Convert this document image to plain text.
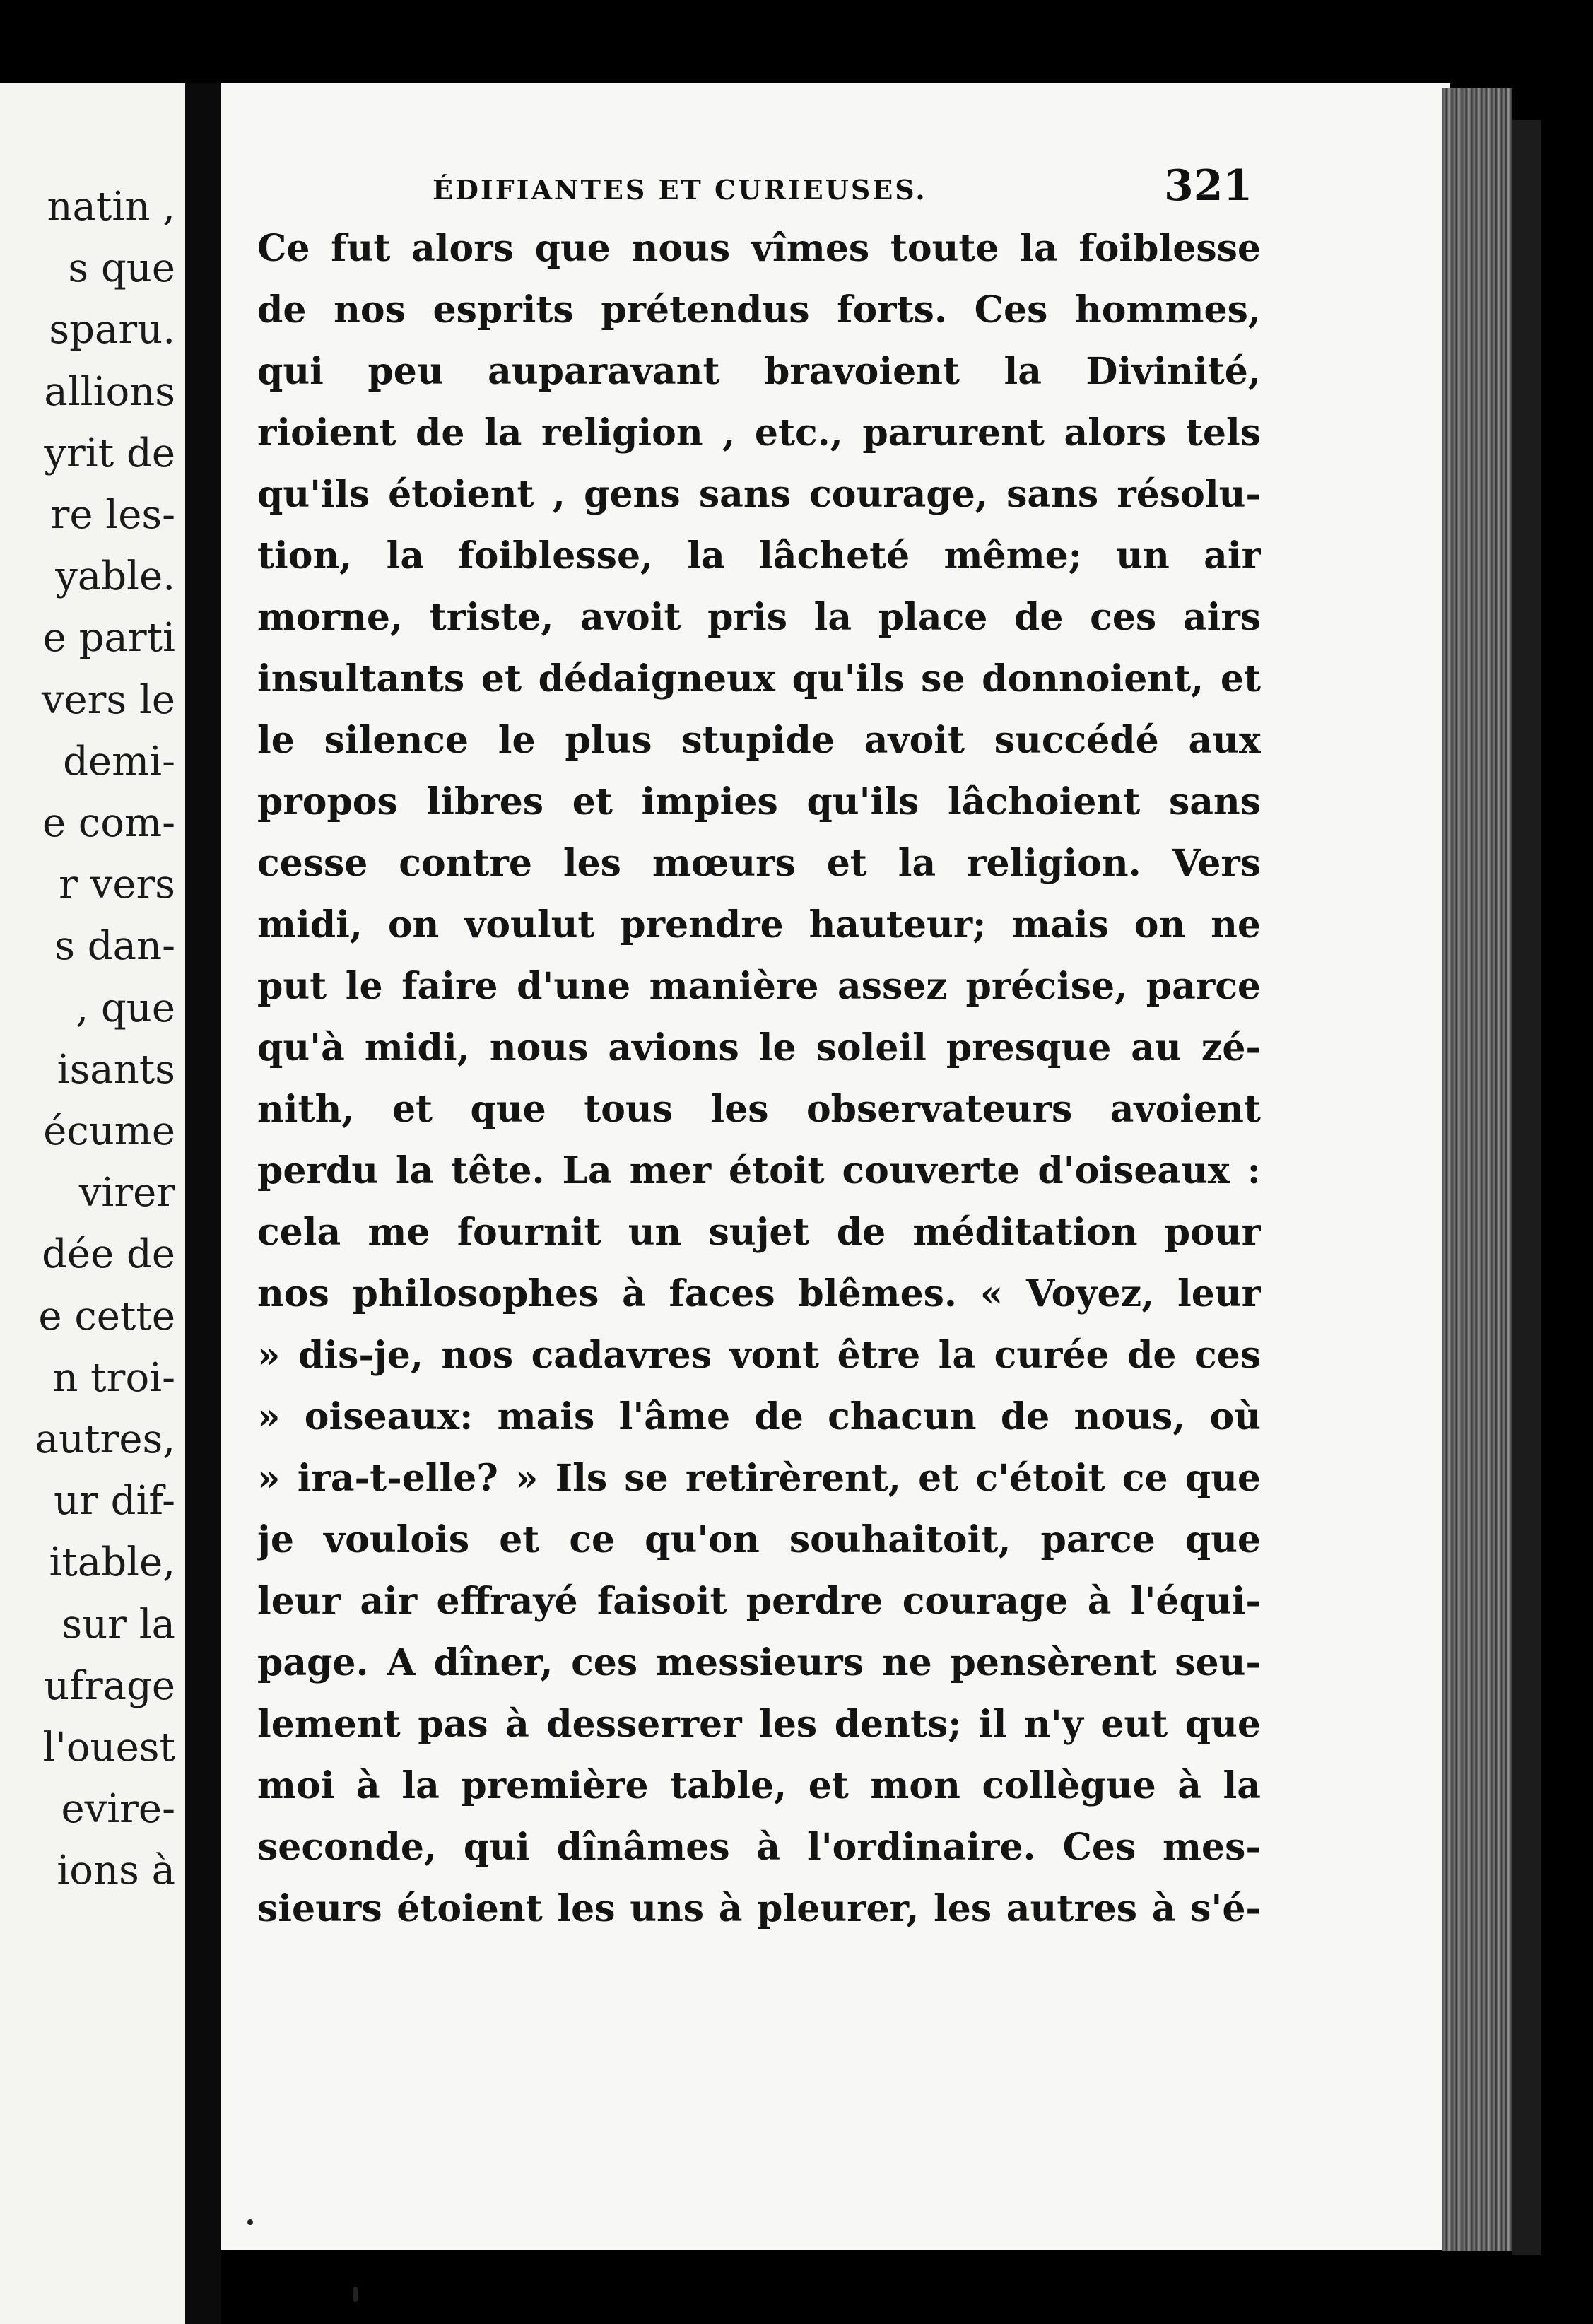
natin ,
s que
sparu.
allions
yrit de
re les-
yable.
e parti
vers le
demi-
e com-
r vers
s dan-
, que
isants
écume
virer
dée de
e cette
n troi-
autres,
ur dif-
itable,
sur la
ufrage
l'ouest
evire-
ions à
ÉDIFIANTES ET CURIEUSES.	321
Ce fut alors que nous vîmes toute la foiblesse
de nos esprits prétendus forts. Ces hommes,
qui peu auparavant bravoient la Divinité,
rioient de la religion , etc., parurent alors tels
qu'ils étoient , gens sans courage, sans résolu-
tion, la foiblesse, la lâcheté même; un air
morne, triste, avoit pris la place de ces airs
insultants et dédaigneux qu'ils se donnoient, et
le silence le plus stupide avoit succédé aux
propos libres et impies qu'ils lâchoient sans
cesse contre les mœurs et la religion. Vers
midi, on voulut prendre hauteur; mais on ne
put le faire d'une manière assez précise, parce
qu'à midi, nous avions le soleil presque au zé-
nith, et que tous les observateurs avoient
perdu la tête. La mer étoit couverte d'oiseaux :
cela me fournit un sujet de méditation pour
nos philosophes à faces blêmes. « Voyez, leur
» dis-je, nos cadavres vont être la curée de ces
» oiseaux: mais l'âme de chacun de nous, où
» ira-t-elle? » Ils se retirèrent, et c'étoit ce que
je voulois et ce qu'on souhaitoit, parce que
leur air effrayé faisoit perdre courage à l'équi-
page. A dîner, ces messieurs ne pensèrent seu-
lement pas à desserrer les dents; il n'y eut que
moi à la première table, et mon collègue à la
seconde, qui dînâmes à l'ordinaire. Ces mes-
sieurs étoient les uns à pleurer, les autres à s'é-
